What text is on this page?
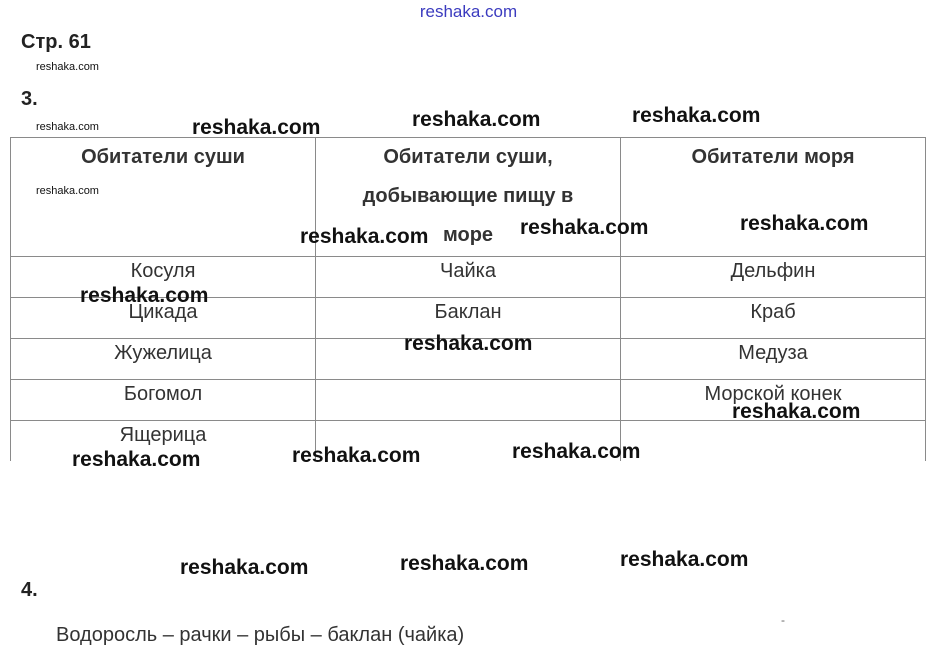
reshaka.com
Стр. 61
reshaka.com
3.
reshaka.com
Обитатели суши	Обитатели суши, добывающие пищу в море	Обитатели моря
Косуля	Чайка	Дельфин
Цикада	Баклан	Краб
Жужелица		Медуза
Богомол		Морской конек
Ящерица		
reshaka.com
reshaka.com	reshaka.com	reshaka.com
reshaka.com	reshaka.com	reshaka.com
reshaka.com
reshaka.com
reshaka.com
reshaka.com	reshaka.com	reshaka.com
reshaka.com	reshaka.com	reshaka.com
4.
Водоросль – рачки – рыбы – баклан (чайка)
-
